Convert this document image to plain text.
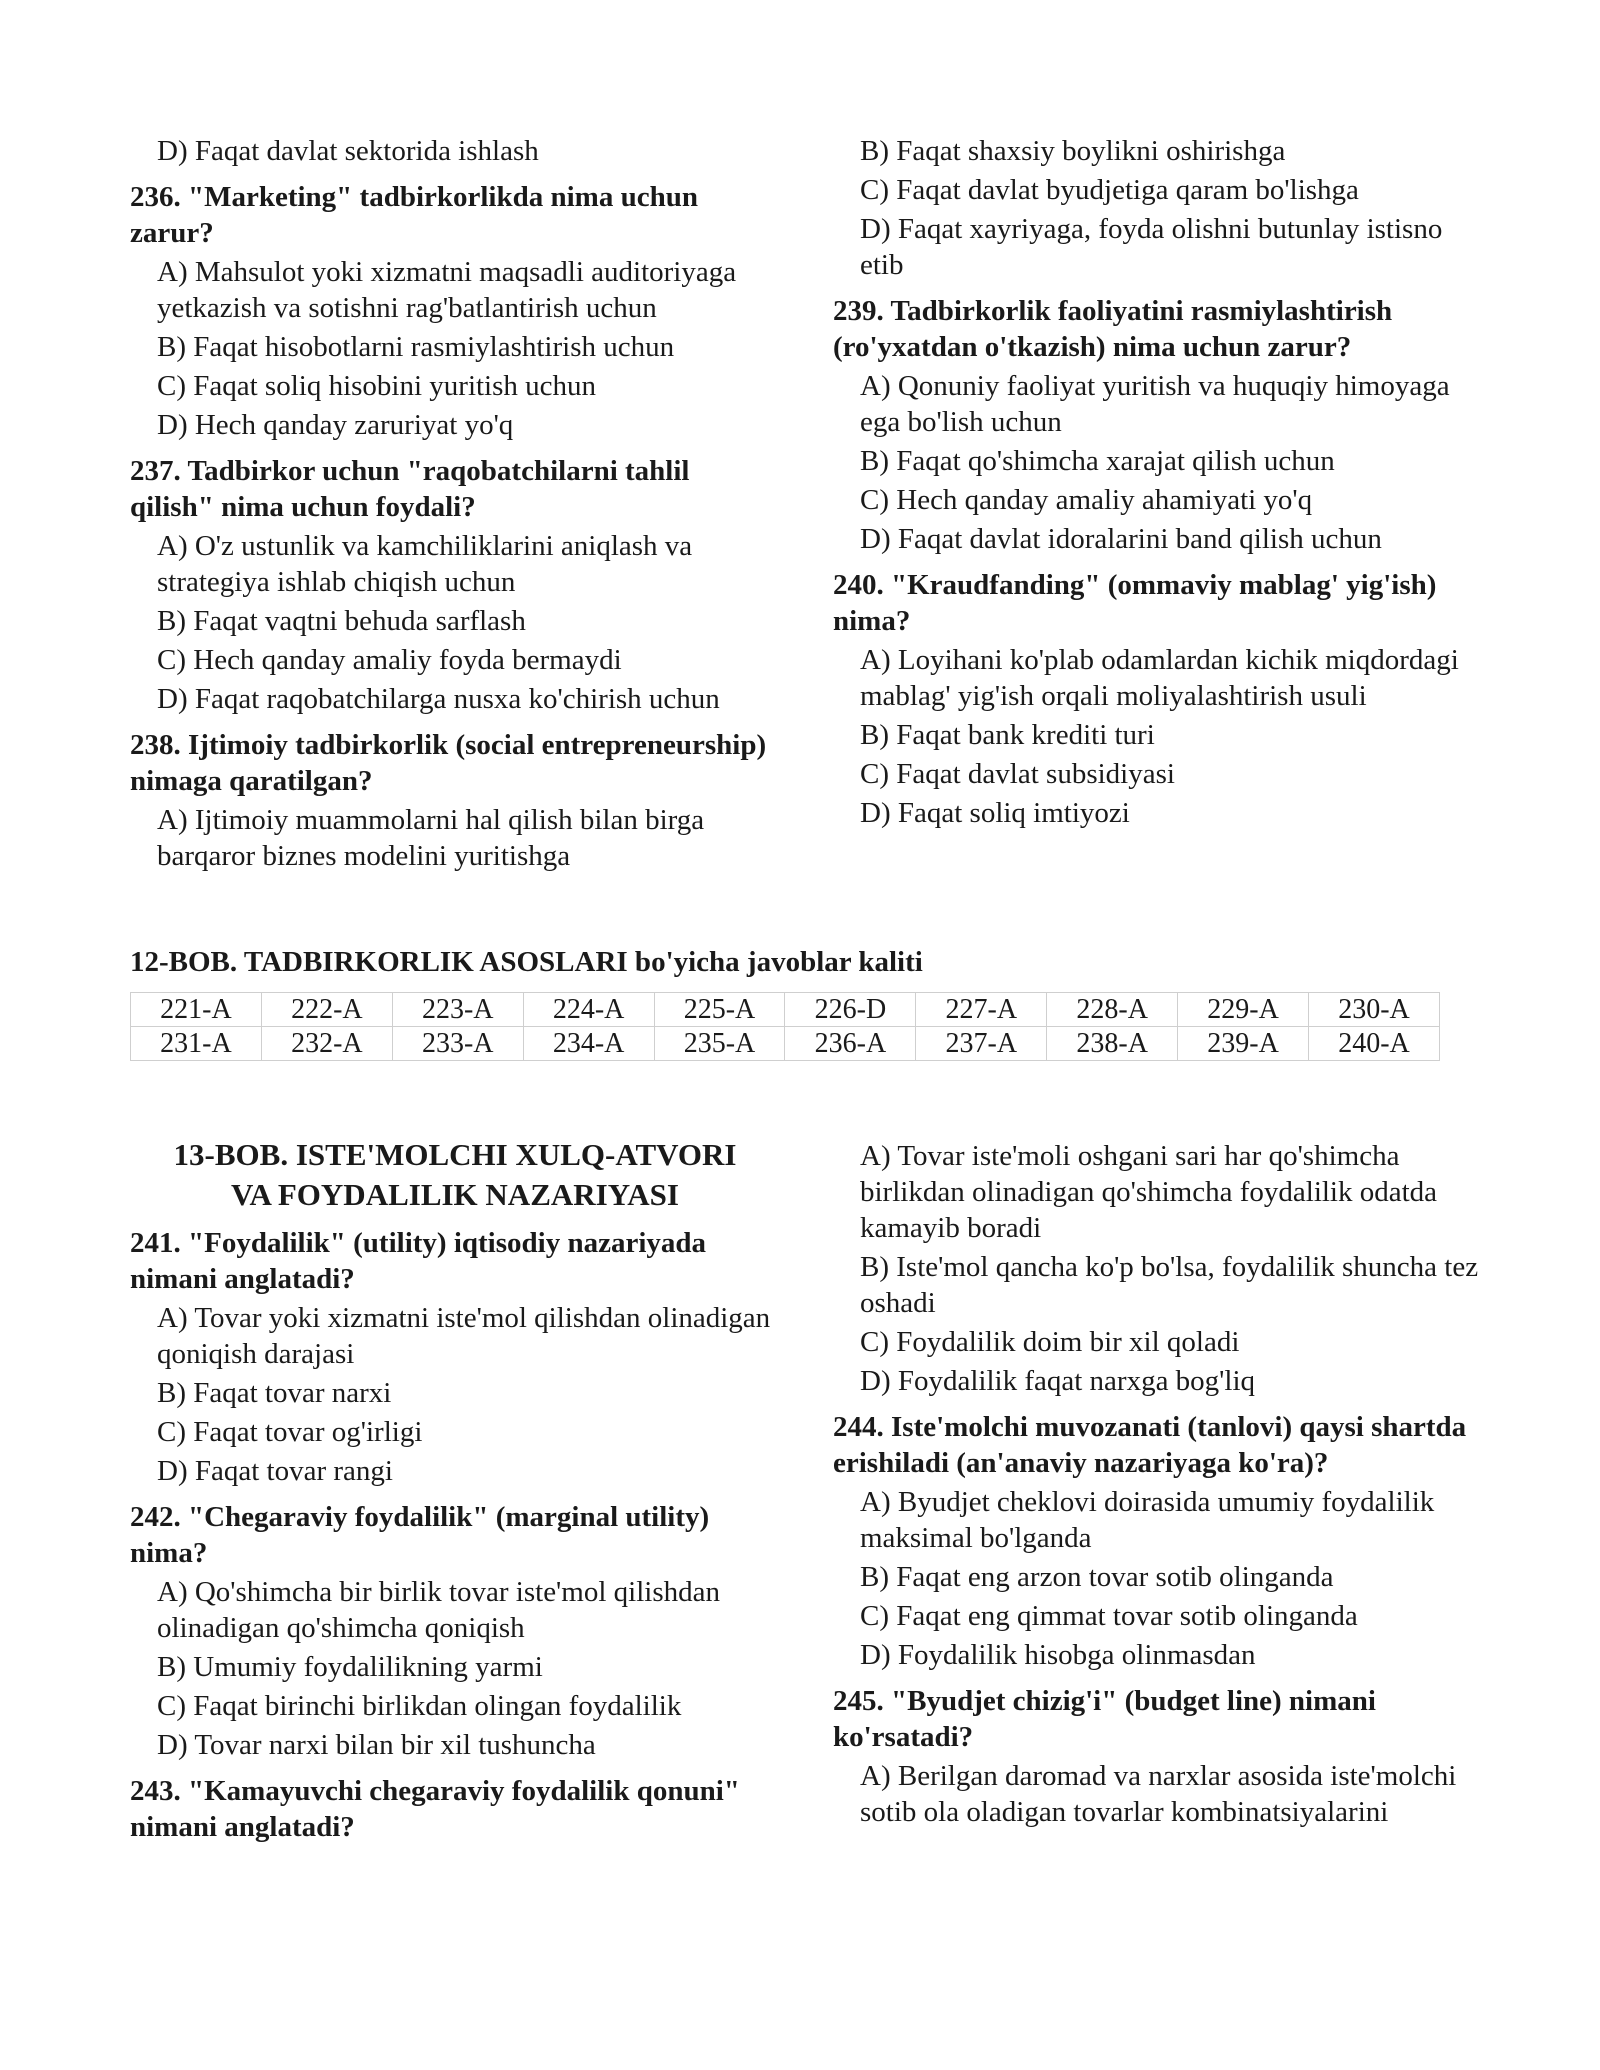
D) Faqat davlat sektorida ishlash
236. "Marketing" tadbirkorlikda nima uchun zarur?
A) Mahsulot yoki xizmatni maqsadli auditoriyaga yetkazish va sotishni rag'batlantirish uchun
B) Faqat hisobotlarni rasmiylashtirish uchun
C) Faqat soliq hisobini yuritish uchun
D) Hech qanday zaruriyat yo'q
237. Tadbirkor uchun "raqobatchilarni tahlil qilish" nima uchun foydali?
A) O'z ustunlik va kamchiliklarini aniqlash va strategiya ishlab chiqish uchun
B) Faqat vaqtni behuda sarflash
C) Hech qanday amaliy foyda bermaydi
D) Faqat raqobatchilarga nusxa ko'chirish uchun
238. Ijtimoiy tadbirkorlik (social entrepreneurship) nimaga qaratilgan?
A) Ijtimoiy muammolarni hal qilish bilan birga barqaror biznes modelini yuritishga
B) Faqat shaxsiy boylikni oshirishga
C) Faqat davlat byudjetiga qaram bo'lishga
D) Faqat xayriyaga, foyda olishni butunlay istisno etib
239. Tadbirkorlik faoliyatini rasmiylashtirish (ro'yxatdan o'tkazish) nima uchun zarur?
A) Qonuniy faoliyat yuritish va huquqiy himoyaga ega bo'lish uchun
B) Faqat qo'shimcha xarajat qilish uchun
C) Hech qanday amaliy ahamiyati yo'q
D) Faqat davlat idoralarini band qilish uchun
240. "Kraudfanding" (ommaviy mablag' yig'ish) nima?
A) Loyihani ko'plab odamlardan kichik miqdordagi mablag' yig'ish orqali moliyalashtirish usuli
B) Faqat bank krediti turi
C) Faqat davlat subsidiyasi
D) Faqat soliq imtiyozi
12-BOB. TADBIRKORLIK ASOSLARI bo'yicha javoblar kaliti
221-A	222-A	223-A	224-A	225-A	226-D	227-A	228-A	229-A	230-A
231-A	232-A	233-A	234-A	235-A	236-A	237-A	238-A	239-A	240-A
13-BOB. ISTE'MOLCHI XULQ-ATVORI
VA FOYDALILIK NAZARIYASI
241. "Foydalilik" (utility) iqtisodiy nazariyada nimani anglatadi?
A) Tovar yoki xizmatni iste'mol qilishdan olinadigan qoniqish darajasi
B) Faqat tovar narxi
C) Faqat tovar og'irligi
D) Faqat tovar rangi
242. "Chegaraviy foydalilik" (marginal utility) nima?
A) Qo'shimcha bir birlik tovar iste'mol qilishdan olinadigan qo'shimcha qoniqish
B) Umumiy foydalilikning yarmi
C) Faqat birinchi birlikdan olingan foydalilik
D) Tovar narxi bilan bir xil tushuncha
243. "Kamayuvchi chegaraviy foydalilik qonuni" nimani anglatadi?
A) Tovar iste'moli oshgani sari har qo'shimcha birlikdan olinadigan qo'shimcha foydalilik odatda kamayib boradi
B) Iste'mol qancha ko'p bo'lsa, foydalilik shuncha tez oshadi
C) Foydalilik doim bir xil qoladi
D) Foydalilik faqat narxga bog'liq
244. Iste'molchi muvozanati (tanlovi) qaysi shartda erishiladi (an'anaviy nazariyaga ko'ra)?
A) Byudjet cheklovi doirasida umumiy foydalilik maksimal bo'lganda
B) Faqat eng arzon tovar sotib olinganda
C) Faqat eng qimmat tovar sotib olinganda
D) Foydalilik hisobga olinmasdan
245. "Byudjet chizig'i" (budget line) nimani ko'rsatadi?
A) Berilgan daromad va narxlar asosida iste'molchi sotib ola oladigan tovarlar kombinatsiyalarini
